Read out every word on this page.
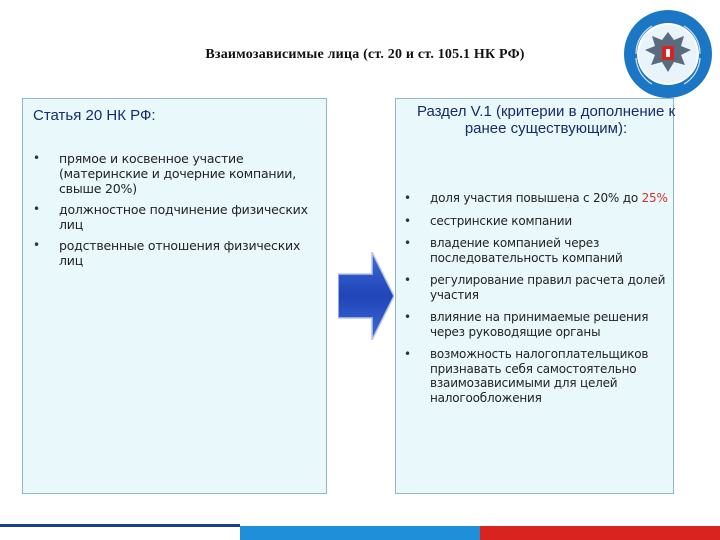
Взаимозависимые лица (ст. 20 и ст. 105.1 НК РФ)
Статья 20 НК РФ:
• прямое и косвенное участие (материнские и дочерние компании, свыше 20%)
• должностное подчинение физических лиц
• родственные отношения физических лиц
Раздел V.1 (критерии в дополнение к ранее существующим):
• доля участия повышена с 20% до 25%
• сестринские компании
• владение компанией через последовательность компаний
• регулирование правил расчета долей участия
• влияние на принимаемые решения через руководящие органы
• возможность налогоплательщиков признавать себя самостоятельно взаимозависимыми для целей налогообложения
